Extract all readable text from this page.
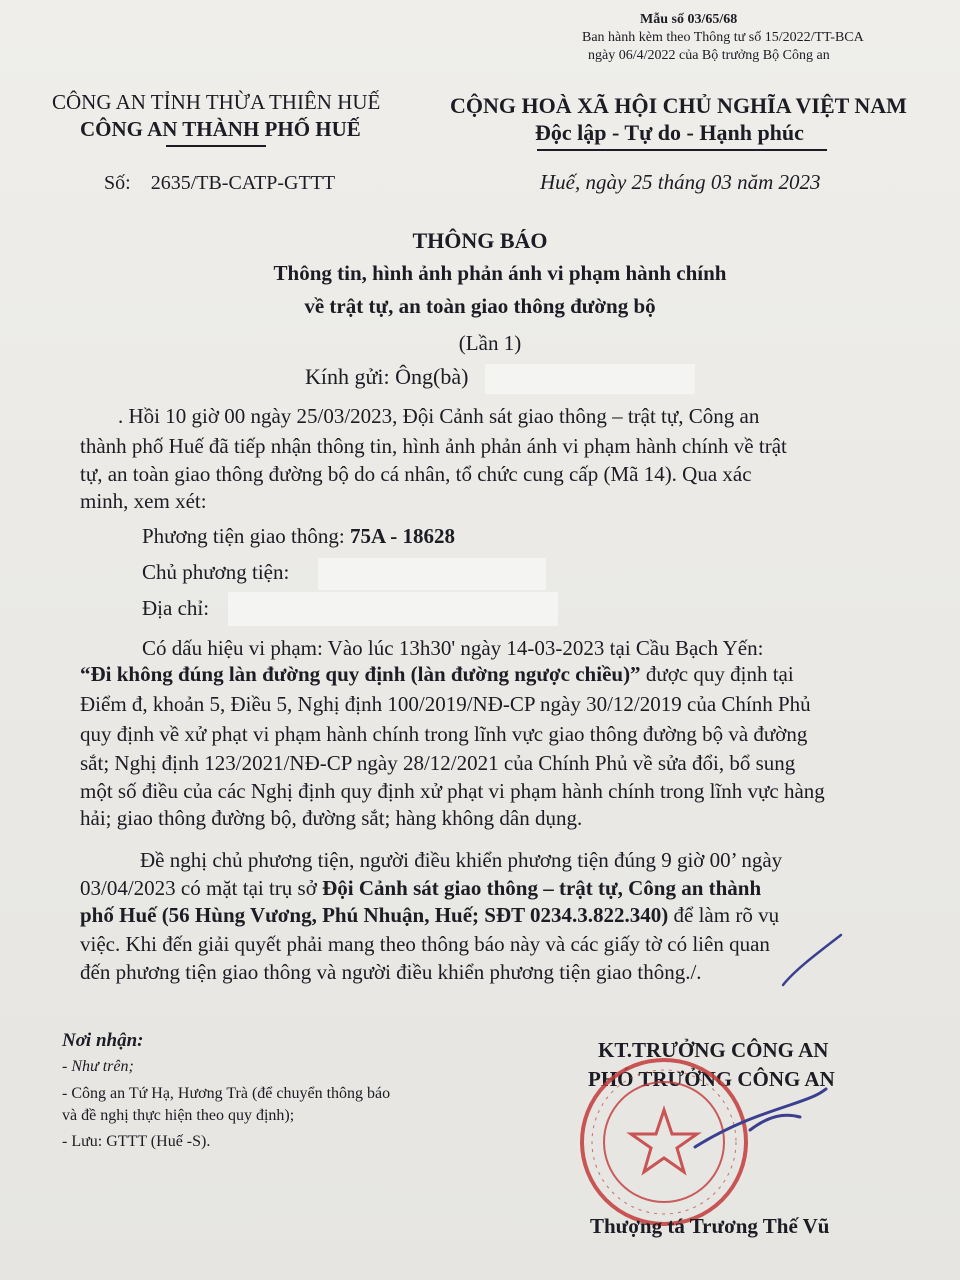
Mẫu số 03/65/68
Ban hành kèm theo Thông tư số 15/2022/TT-BCA
ngày 06/4/2022 của Bộ trưởng Bộ Công an
CÔNG AN TỈNH THỪA THIÊN HUẾ
CÔNG AN THÀNH PHỐ HUẾ
CỘNG HOÀ XÃ HỘI CHỦ NGHĨA VIỆT NAM
Độc lập - Tự do - Hạnh phúc
Số: 2635/TB-CATP-GTTT	Huế, ngày 25 tháng 03 năm 2023
THÔNG BÁO
Thông tin, hình ảnh phản ánh vi phạm hành chính
về trật tự, an toàn giao thông đường bộ
(Lần 1)
Kính gửi: Ông(bà)
. Hồi 10 giờ 00 ngày 25/03/2023, Đội Cảnh sát giao thông – trật tự, Công an
thành phố Huế đã tiếp nhận thông tin, hình ảnh phản ánh vi phạm hành chính về trật
tự, an toàn giao thông đường bộ do cá nhân, tổ chức cung cấp (Mã 14). Qua xác
minh, xem xét:
Phương tiện giao thông: 75A - 18628
Chủ phương tiện:
Địa chỉ:
Có dấu hiệu vi phạm: Vào lúc 13h30' ngày 14-03-2023 tại Cầu Bạch Yến:
“Đi không đúng làn đường quy định (làn đường ngược chiều)” được quy định tại
Điểm đ, khoản 5, Điều 5, Nghị định 100/2019/NĐ-CP ngày 30/12/2019 của Chính Phủ
quy định về xử phạt vi phạm hành chính trong lĩnh vực giao thông đường bộ và đường
sắt; Nghị định 123/2021/NĐ-CP ngày 28/12/2021 của Chính Phủ về sửa đổi, bổ sung
một số điều của các Nghị định quy định xử phạt vi phạm hành chính trong lĩnh vực hàng
hải; giao thông đường bộ, đường sắt; hàng không dân dụng.
Đề nghị chủ phương tiện, người điều khiển phương tiện đúng 9 giờ 00’ ngày
03/04/2023 có mặt tại trụ sở Đội Cảnh sát giao thông – trật tự, Công an thành
phố Huế (56 Hùng Vương, Phú Nhuận, Huế; SĐT 0234.3.822.340) để làm rõ vụ
việc. Khi đến giải quyết phải mang theo thông báo này và các giấy tờ có liên quan
đến phương tiện giao thông và người điều khiển phương tiện giao thông./.
Nơi nhận:
- Như trên;
- Công an Tứ Hạ, Hương Trà (để chuyển thông báo
và đề nghị thực hiện theo quy định);
- Lưu: GTTT (Huế -S).
KT.TRƯỞNG CÔNG AN
PHÓ TRƯỞNG CÔNG AN
Thượng tá Trương Thế Vũ
